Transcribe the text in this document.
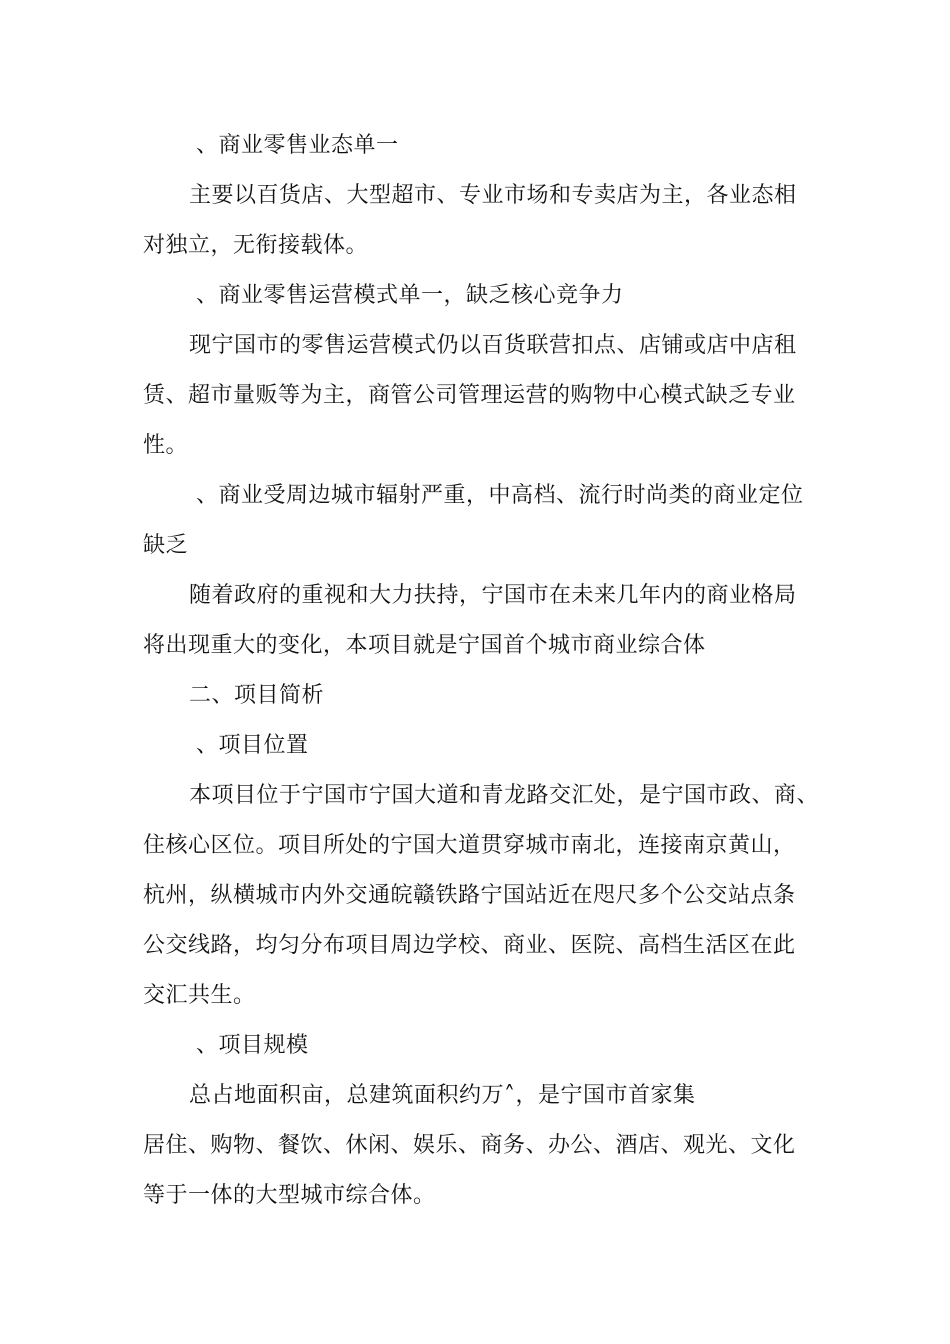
、商业零售业态单一
主要以百货店、大型超市、专业市场和专卖店为主，各业态相
对独立，无衔接载体。
、商业零售运营模式单一，缺乏核心竞争力
现宁国市的零售运营模式仍以百货联营扣点、店铺或店中店租
赁、超市量贩等为主，商管公司管理运营的购物中心模式缺乏专业
性。
、商业受周边城市辐射严重，中高档、流行时尚类的商业定位
缺乏
随着政府的重视和大力扶持，宁国市在未来几年内的商业格局
将出现重大的变化，本项目就是宁国首个城市商业综合体
二、项目简析
、项目位置
本项目位于宁国市宁国大道和青龙路交汇处，是宁国市政、商、
住核心区位。项目所处的宁国大道贯穿城市南北，连接南京黄山，
杭州，纵横城市内外交通皖赣铁路宁国站近在咫尺多个公交站点条
公交线路，均匀分布项目周边学校、商业、医院、高档生活区在此
交汇共生。
、项目规模
总占地面积亩，总建筑面积约万˄，是宁国市首家集
居住、购物、餐饮、休闲、娱乐、商务、办公、酒店、观光、文化
等于一体的大型城市综合体。
